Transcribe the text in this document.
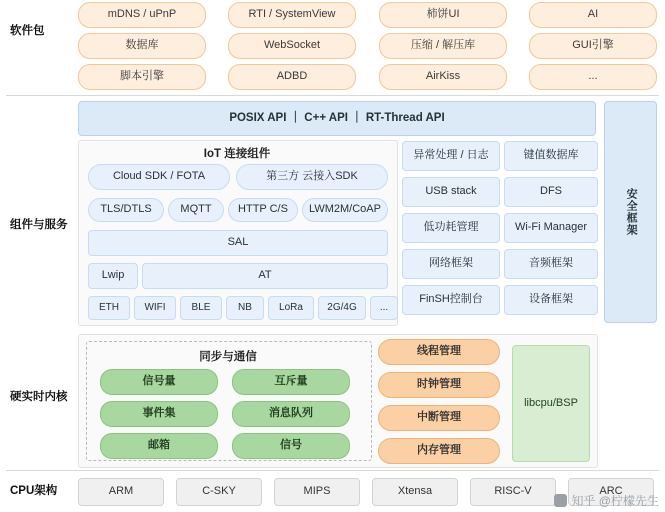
软件包
组件与服务
硬实时内核
CPU架构
mDNS / uPnP	RTI / SystemView	柿饼UI	AI
数据库	WebSocket	压缩 / 解压库	GUI引擎
脚本引擎	ADBD	AirKiss	...
POSIX API ｜ C++ API ｜ RT-Thread API
安全框架
IoT 连接组件
Cloud SDK / FOTA	第三方 云接入SDK
TLS/DTLS	MQTT	HTTP C/S	LWM2M/CoAP
SAL
Lwip	AT
ETH	WIFI	BLE	NB	LoRa	2G/4G	...
异常处理 / 日志	键值数据库
USB stack	DFS
低功耗管理	Wi-Fi Manager
网络框架	音频框架
FinSH控制台	设备框架
同步与通信
信号量	互斥量
事件集	消息队列
邮箱	信号
线程管理
时钟管理
中断管理
内存管理
libcpu/BSP
ARM	C-SKY	MIPS	Xtensa	RISC-V	ARC
知乎 @柠檬先生
